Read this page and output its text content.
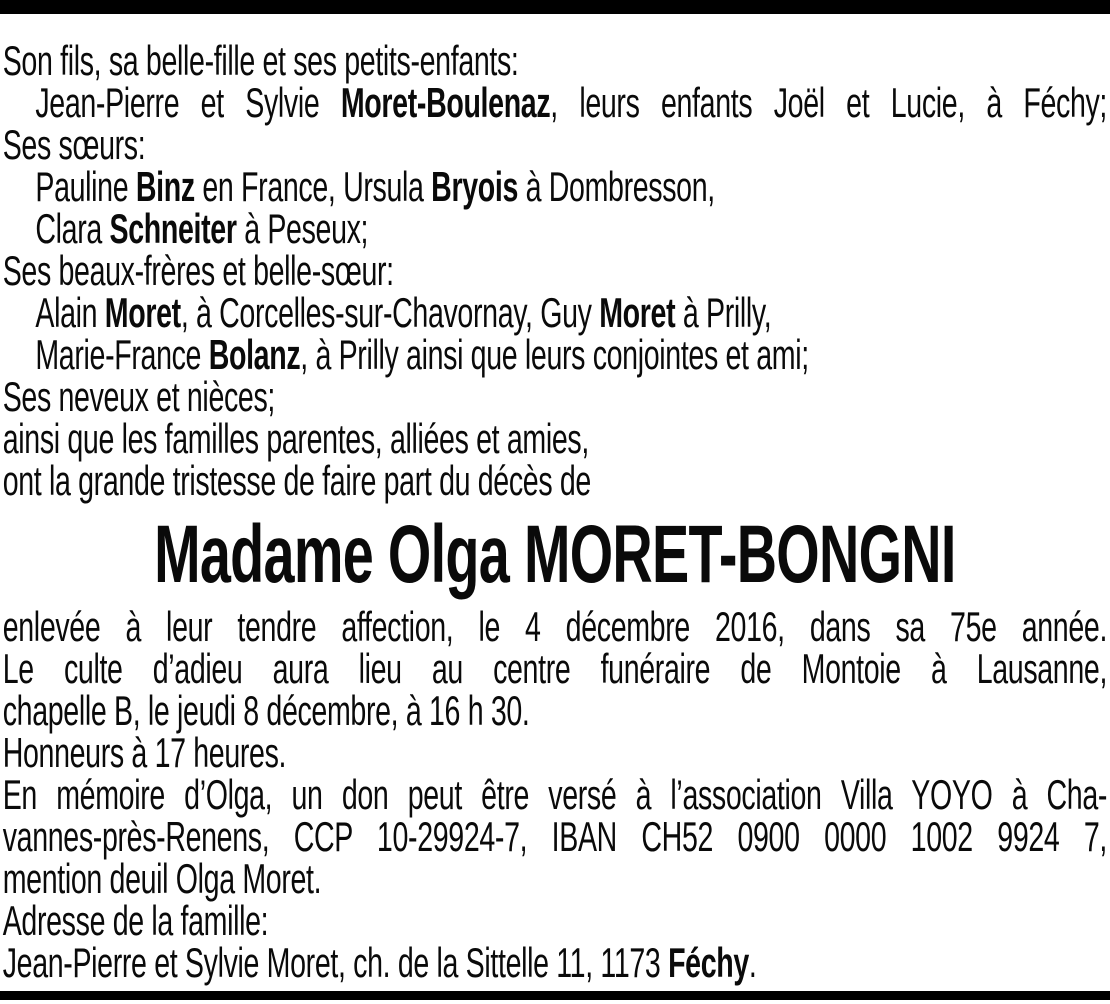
Son fils, sa belle-fille et ses petits-enfants:
Jean-Pierre et Sylvie Moret-Boulenaz, leurs enfants Joël et Lucie, à Féchy;
Ses sœurs:
Pauline Binz en France, Ursula Bryois à Dombresson,
Clara Schneiter à Peseux;
Ses beaux-frères et belle-sœur:
Alain Moret, à Corcelles-sur-Chavornay, Guy Moret à Prilly,
Marie-France Bolanz, à Prilly ainsi que leurs conjointes et ami;
Ses neveux et nièces;
ainsi que les familles parentes, alliées et amies,
ont la grande tristesse de faire part du décès de
Madame Olga MORET-BONGNI
enlevée à leur tendre affection, le 4 décembre 2016, dans sa 75e année.
Le culte d’adieu aura lieu au centre funéraire de Montoie à Lausanne,
chapelle B, le jeudi 8 décembre, à 16 h 30.
Honneurs à 17 heures.
En mémoire d’Olga, un don peut être versé à l’association Villa YOYO à Cha-
vannes-près-Renens, CCP 10-29924-7, IBAN CH52 0900 0000 1002 9924 7,
mention deuil Olga Moret.
Adresse de la famille:
Jean-Pierre et Sylvie Moret, ch. de la Sittelle 11, 1173 Féchy.
